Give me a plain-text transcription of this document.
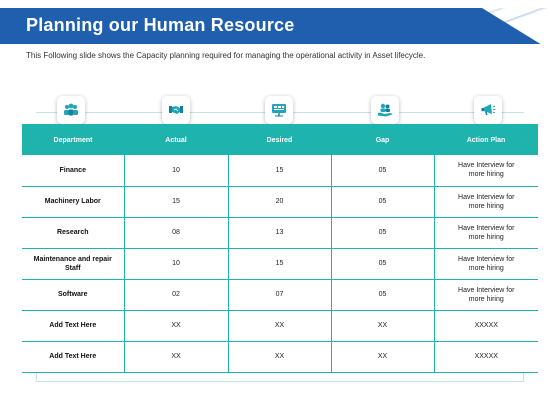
Planning our Human Resource
This Following slide shows the Capacity planning required for managing the operational activity in Asset lifecycle.
Department	Actual	Desired	Gap	Action Plan
Finance	10	15	05	Have Interview for more hiring
Machinery Labor	15	20	05	Have Interview for more hiring
Research	08	13	05	Have Interview for more hiring
Maintenance and repair Staff	10	15	05	Have Interview for more hiring
Software	02	07	05	Have Interview for more hiring
Add Text Here	XX	XX	XX	XXXXX
Add Text Here	XX	XX	XX	XXXXX
